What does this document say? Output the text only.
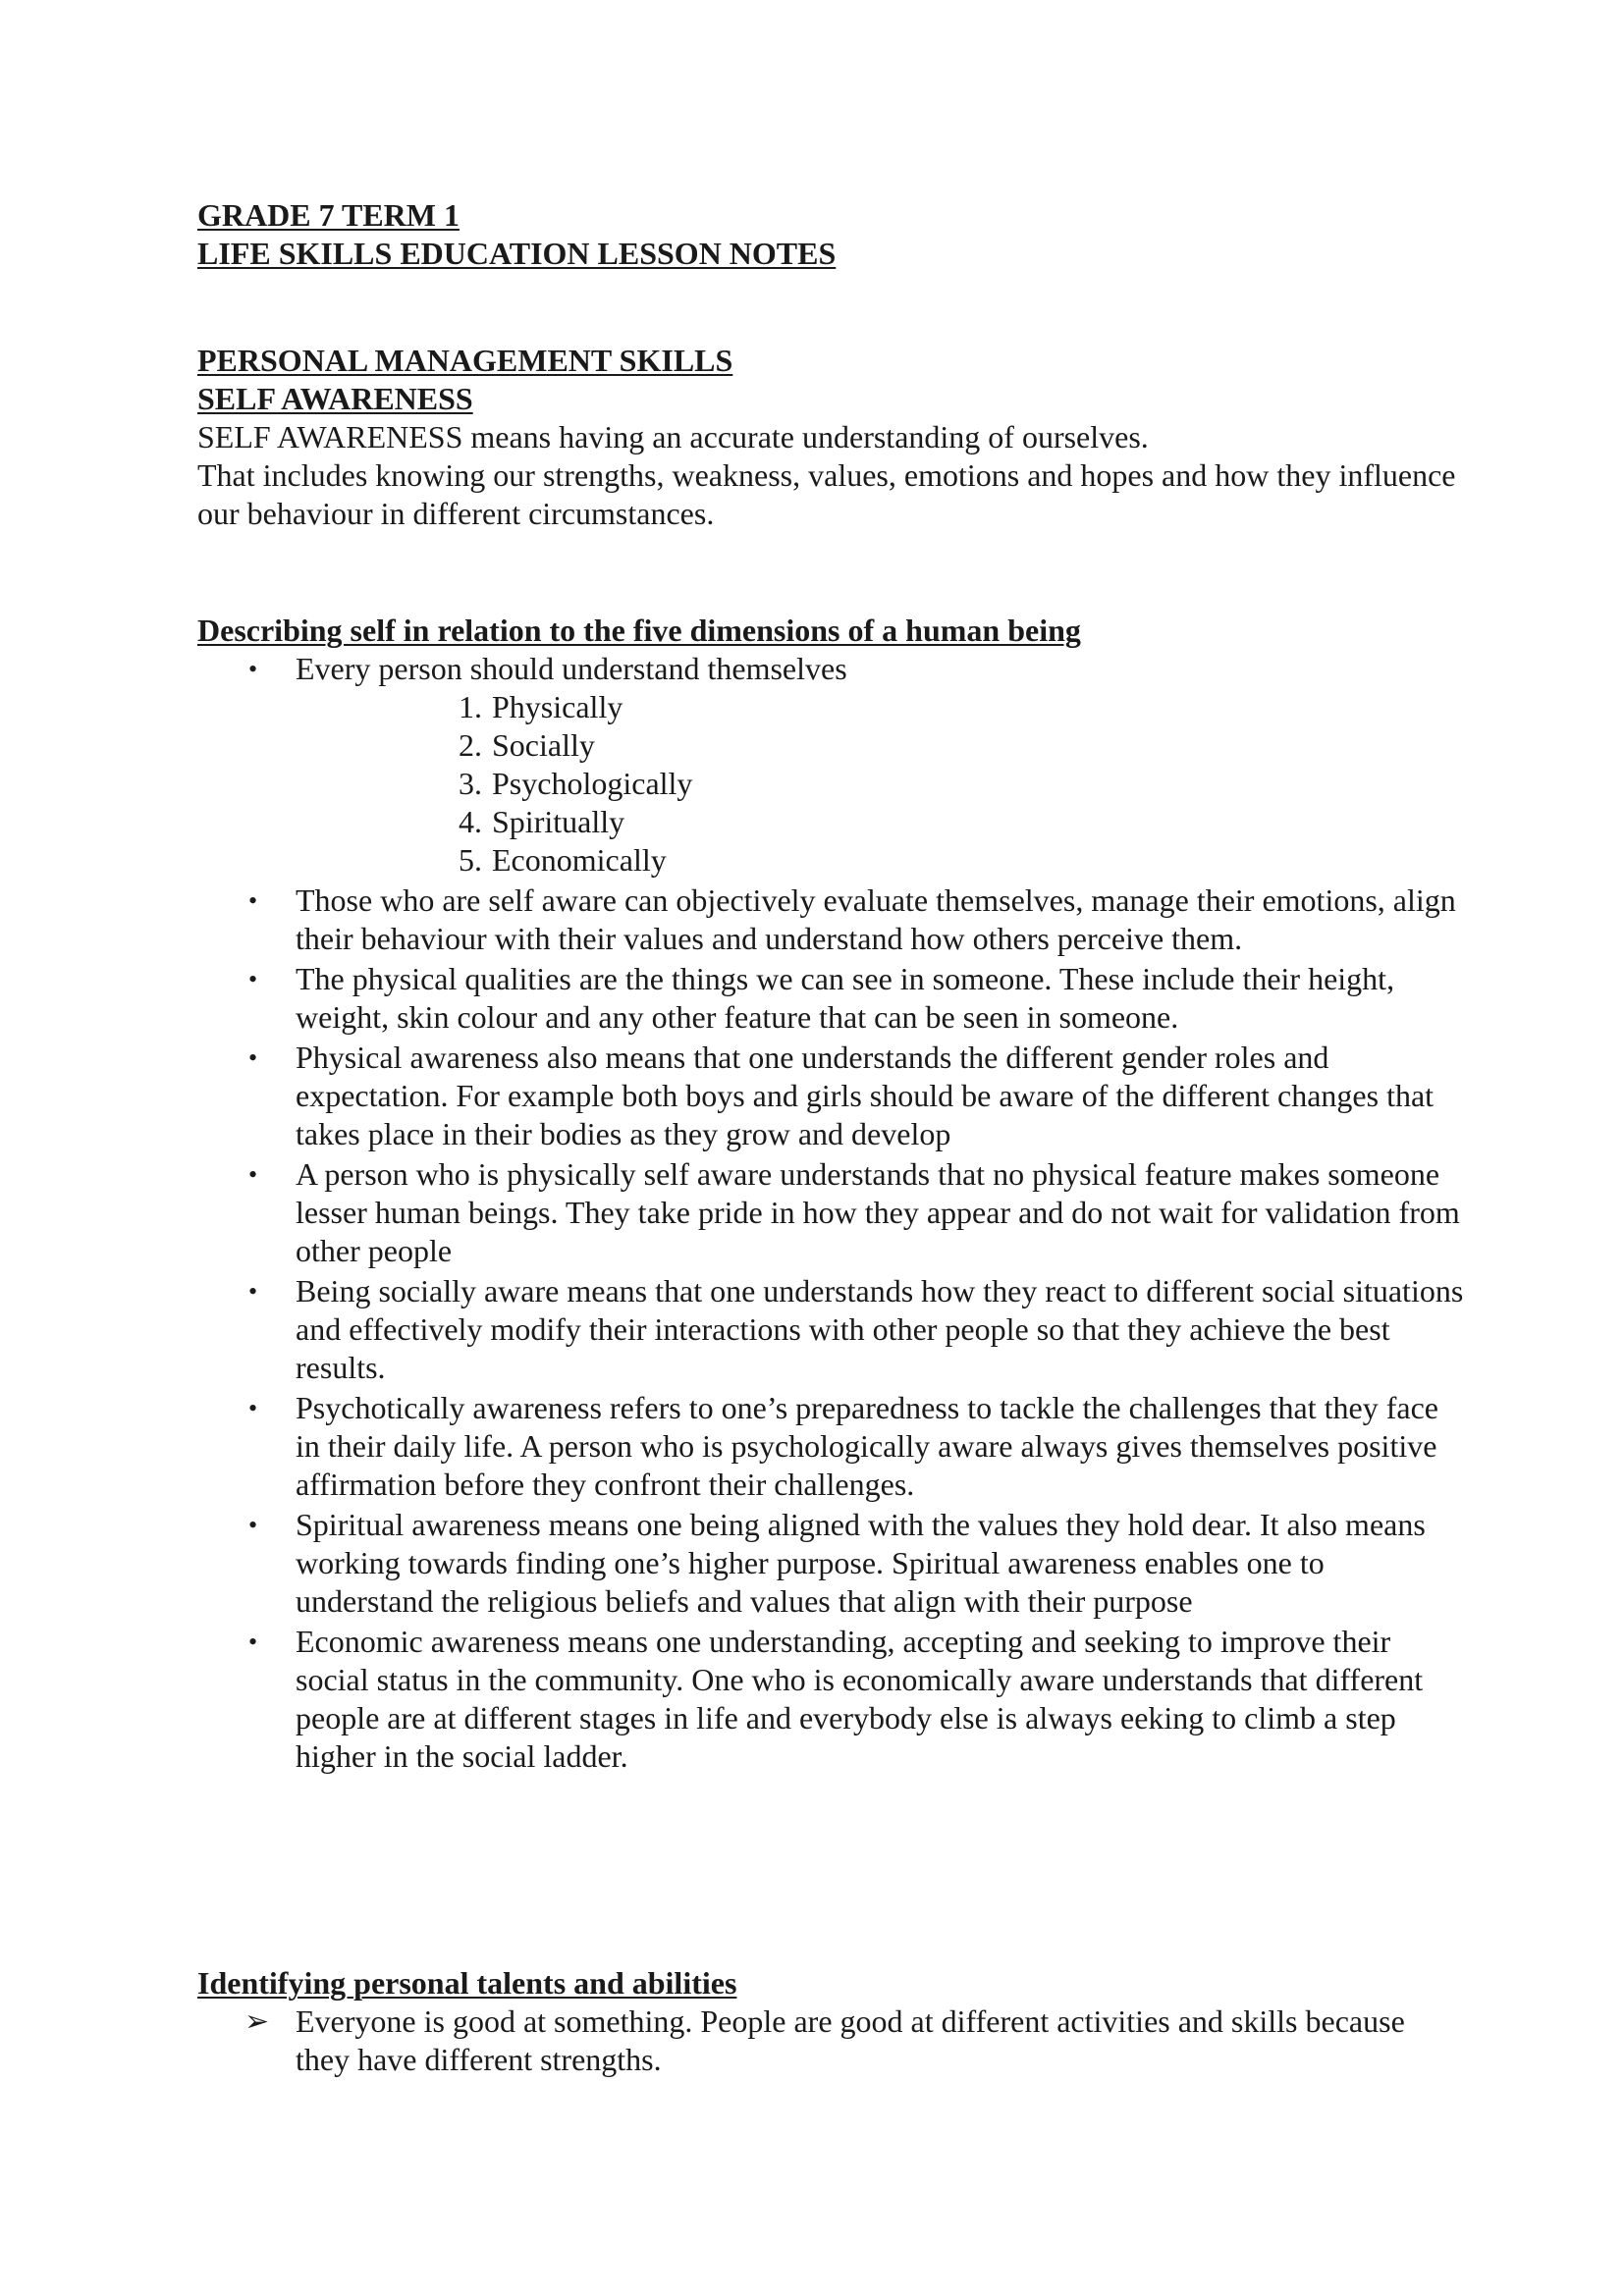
GRADE 7 TERM 1
LIFE SKILLS EDUCATION LESSON NOTES
PERSONAL MANAGEMENT SKILLS
SELF AWARENESS

SELF AWARENESS means having an accurate understanding of ourselves.

That includes knowing our strengths, weakness, values, emotions and hopes and how they influence our behaviour in different circumstances.

Describing self in relation to the five dimensions of a human being
• Every person should understand themselves
1. Physically
2. Socially
3. Psychologically
4. Spiritually
5. Economically
• Those who are self aware can objectively evaluate themselves, manage their emotions, align their behaviour with their values and understand how others perceive them.
• The physical qualities are the things we can see in someone. These include their height, weight, skin colour and any other feature that can be seen in someone.
• Physical awareness also means that one understands the different gender roles and expectation. For example both boys and girls should be aware of the different changes that takes place in their bodies as they grow and develop
• A person who is physically self aware understands that no physical feature makes someone lesser human beings. They take pride in how they appear and do not wait for validation from other people
• Being socially aware means that one understands how they react to different social situations and effectively modify their interactions with other people so that they achieve the best results.
• Psychotically awareness refers to one’s preparedness to tackle the challenges that they face in their daily life. A person who is psychologically aware always gives themselves positive affirmation before they confront their challenges.
• Spiritual awareness means one being aligned with the values they hold dear. It also means working towards finding one’s higher purpose. Spiritual awareness enables one to understand the religious beliefs and values that align with their purpose
• Economic awareness means one understanding, accepting and seeking to improve their social status in the community. One who is economically aware understands that different people are at different stages in life and everybody else is always eeking to climb a step higher in the social ladder.
Identifying personal talents and abilities
➢ Everyone is good at something. People are good at different activities and skills because they have different strengths.
